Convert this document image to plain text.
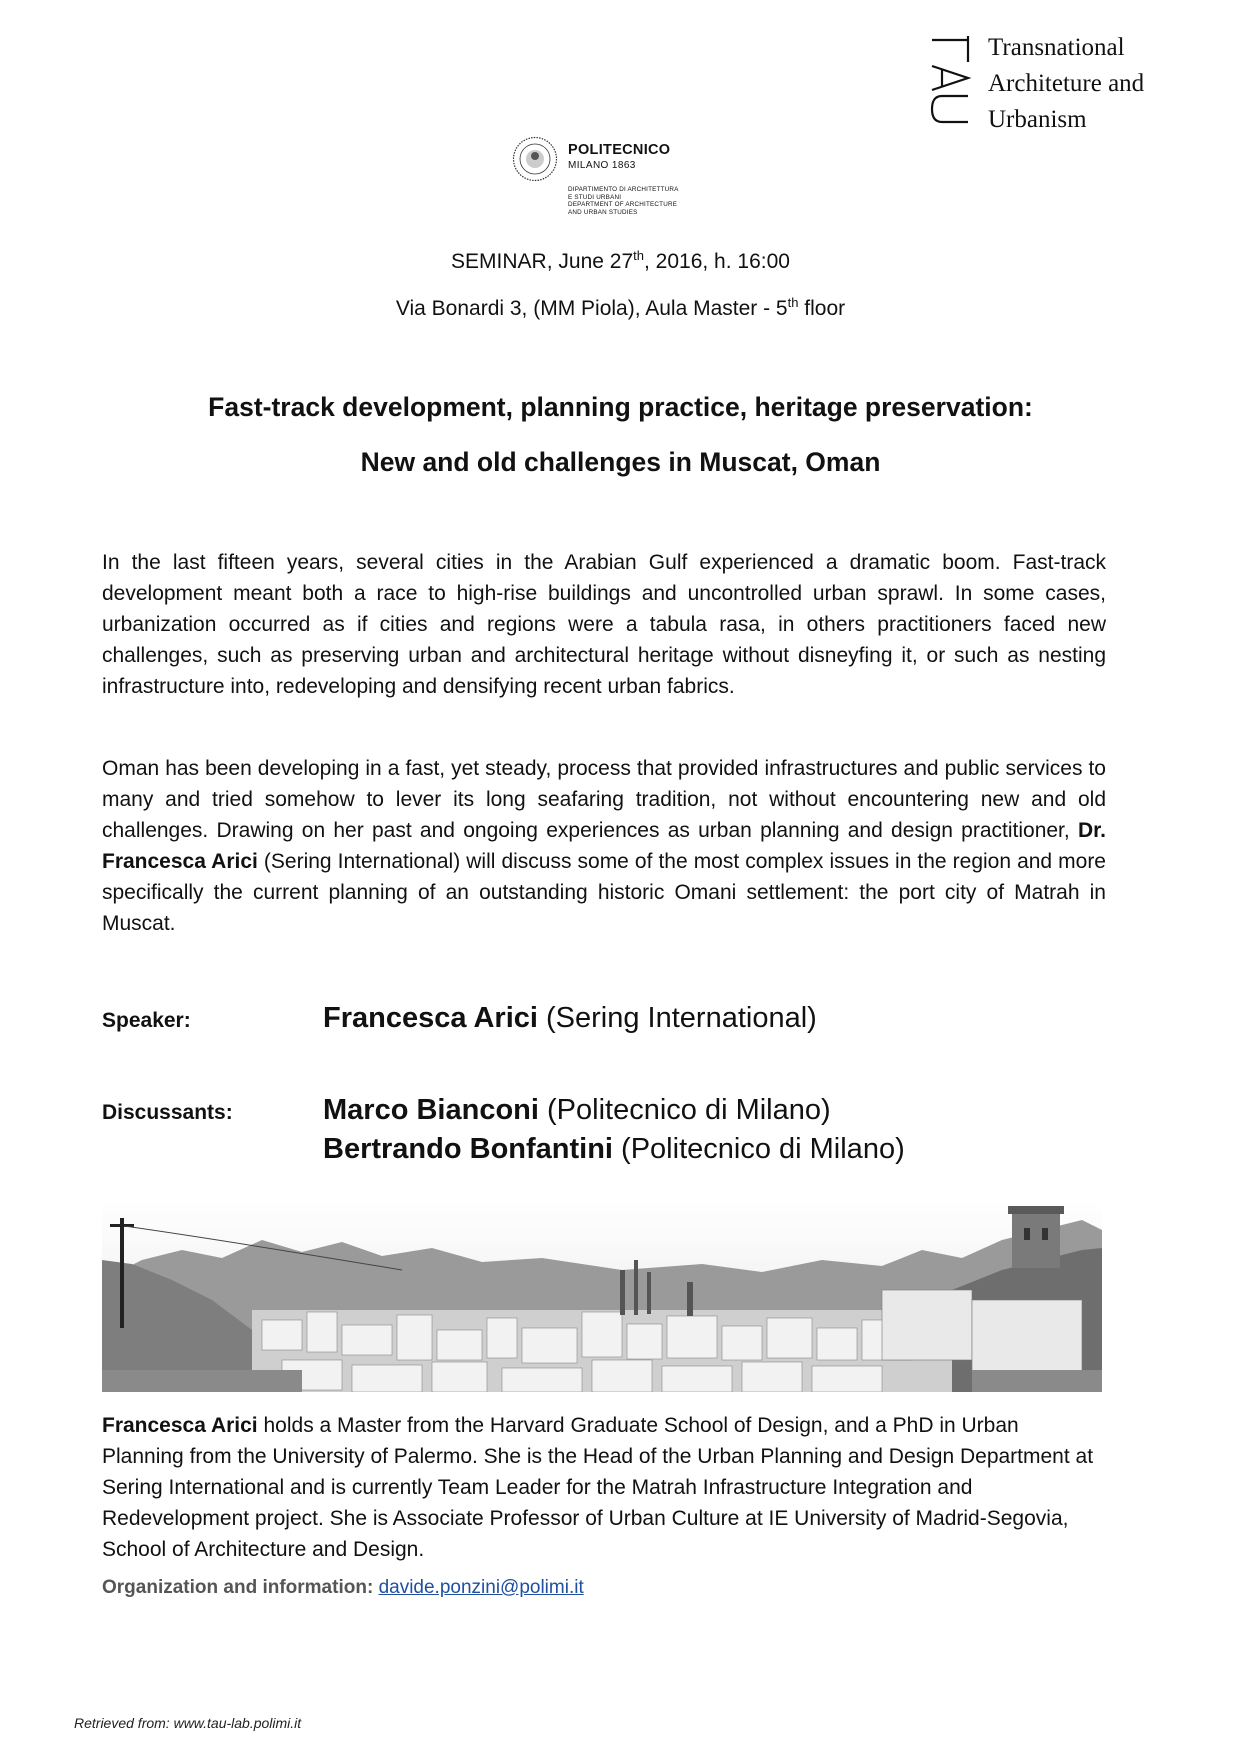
Transnational
Architeture and
Urbanism
POLITECNICO
MILANO 1863
DIPARTIMENTO DI ARCHITETTURA
E STUDI URBANI
DEPARTMENT OF ARCHITECTURE
AND URBAN STUDIES
SEMINAR, June 27th, 2016, h. 16:00
Via Bonardi 3, (MM Piola), Aula Master - 5th floor
Fast-track development, planning practice, heritage preservation:
New and old challenges in Muscat, Oman
In the last fifteen years, several cities in the Arabian Gulf experienced a dramatic boom. Fast-track development meant both a race to high-rise buildings and uncontrolled urban sprawl. In some cases, urbanization occurred as if cities and regions were a tabula rasa, in others practitioners faced new challenges, such as preserving urban and architectural heritage without disneyfing it, or such as nesting infrastructure into, redeveloping and densifying recent urban fabrics.
Oman has been developing in a fast, yet steady, process that provided infrastructures and public services to many and tried somehow to lever its long seafaring tradition, not without encountering new and old challenges. Drawing on her past and ongoing experiences as urban planning and design practitioner, Dr. Francesca Arici (Sering International) will discuss some of the most complex issues in the region and more specifically the current planning of an outstanding historic Omani settlement: the port city of Matrah in Muscat.
Speaker:	Francesca Arici (Sering International)
Discussants:	Marco Bianconi (Politecnico di Milano)
Bertrando Bonfantini (Politecnico di Milano)
Francesca Arici holds a Master from the Harvard Graduate School of Design, and a PhD in Urban Planning from the University of Palermo. She is the Head of the Urban Planning and Design Department at Sering International and is currently Team Leader for the Matrah Infrastructure Integration and Redevelopment project. She is Associate Professor of Urban Culture at IE University of Madrid-Segovia, School of Architecture and Design.
Organization and information: davide.ponzini@polimi.it
Retrieved from: www.tau-lab.polimi.it
